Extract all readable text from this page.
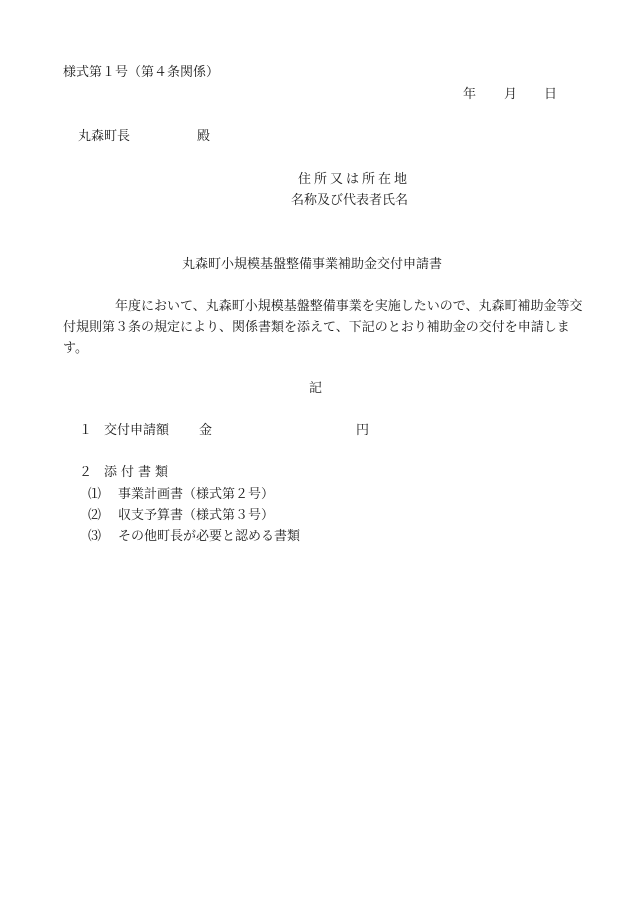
様式第１号（第４条関係）
年 月 日
丸森町長	殿
住所又は所在地
名称及び代表者氏名
丸森町小規模基盤整備事業補助金交付申請書
年度において、丸森町小規模基盤整備事業を実施したいので、丸森町補助金等交付規則第３条の規定により、関係書類を添えて、下記のとおり補助金の交付を申請します。
記
１ 交付申請額 金	円
２ 添付書類
⑴ 事業計画書（様式第２号）
⑵ 収支予算書（様式第３号）
⑶ その他町長が必要と認める書類
